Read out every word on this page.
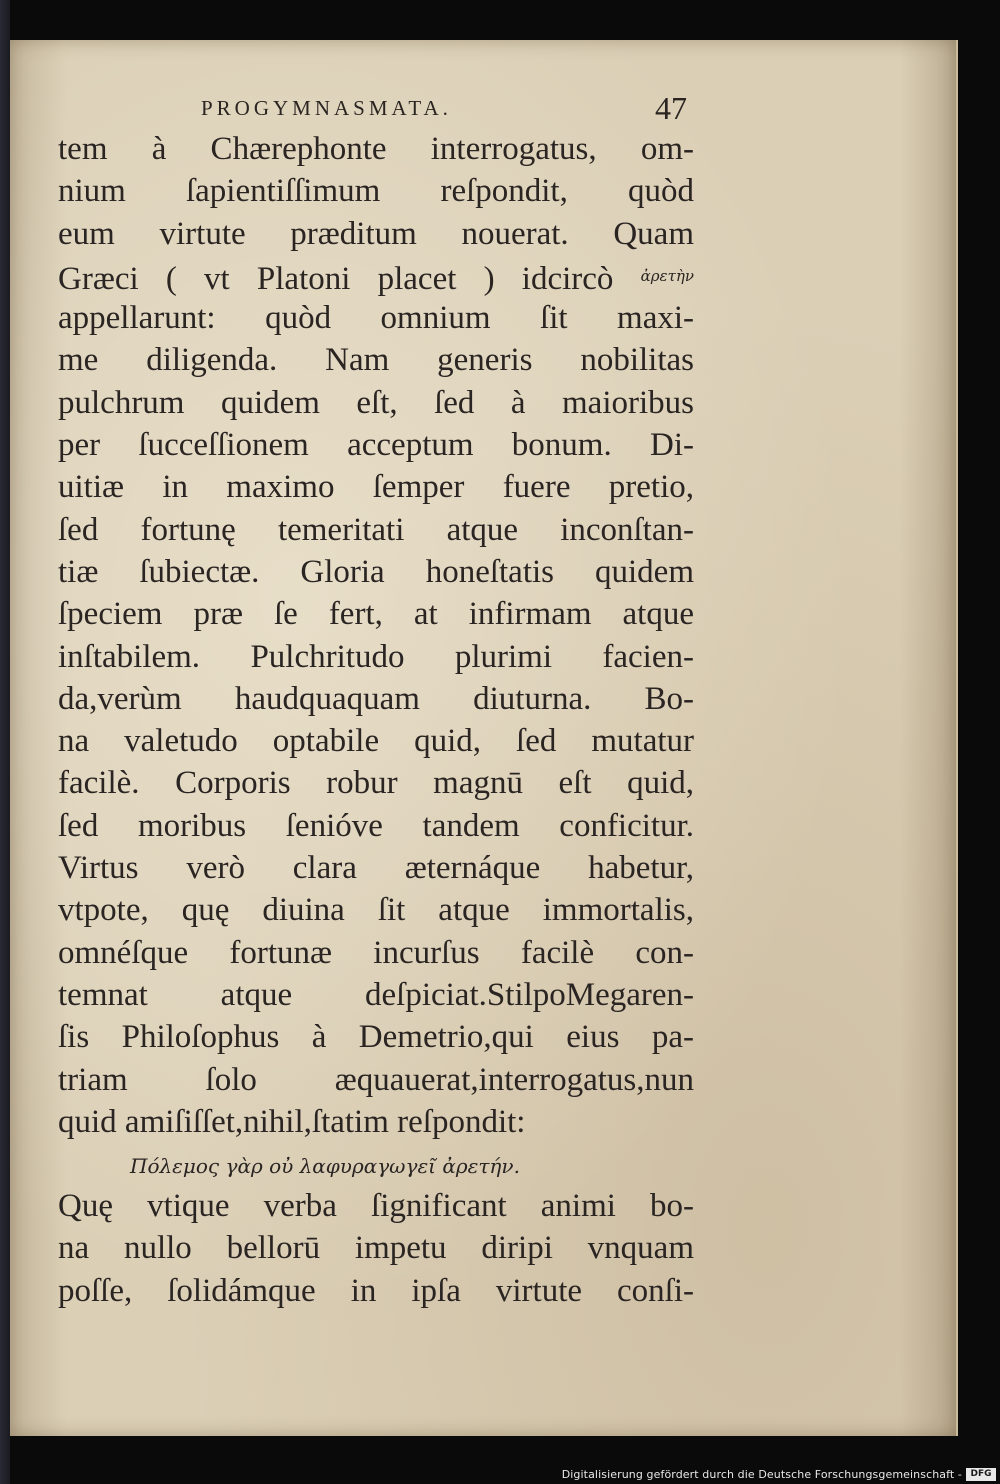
PROGYMNASMATA.	47
tem à Chærephonte interrogatus, om-
nium ſapientiſſimum reſpondit, quòd
eum virtute præditum nouerat. Quam
Græci ( vt Platoni placet ) idcircò $^{ἀ\rho\varepsilon\tau ὴ\nu}$
appellarunt: quòd omnium ſit maxi-
me diligenda. Nam generis nobilitas
pulchrum quidem eſt, ſed à maioribus
per ſucceſſionem acceptum bonum. Di-
uitiæ in maximo ſemper fuere pretio,
ſed fortunę temeritati atque inconſtan-
tiæ ſubiectæ. Gloria honeſtatis quidem
ſpeciem præ ſe fert, at infirmam atque
inſtabilem. Pulchritudo plurimi facien-
da,verùm haudquaquam diuturna. Bo-
na valetudo optabile quid, ſed mutatur
facilè. Corporis robur magnū eſt quid,
ſed moribus ſenióve tandem conficitur.
Virtus verò clara æternáque habetur,
vtpote, quę diuina ſit atque immortalis,
omnéſque fortunæ incurſus facilè con-
temnat atque deſpiciat.StilpoMegaren-
ſis Philoſophus à Demetrio,qui eius pa-
triam ſolo æquauerat,interrogatus,nun
quid amiſiſſet,nihil,ſtatim reſpondit:
Πόλεμος γὰρ οὐ λαφυραγωγεῖ ἀρετήν.
Quę vtique verba ſignificant animi bo-
na nullo bellorū impetu diripi vnquam
poſſe, ſolidámque in ipſa virtute conſi-
Digitalisierung gefördert durch die Deutsche Forschungsgemeinschaft - DFG
